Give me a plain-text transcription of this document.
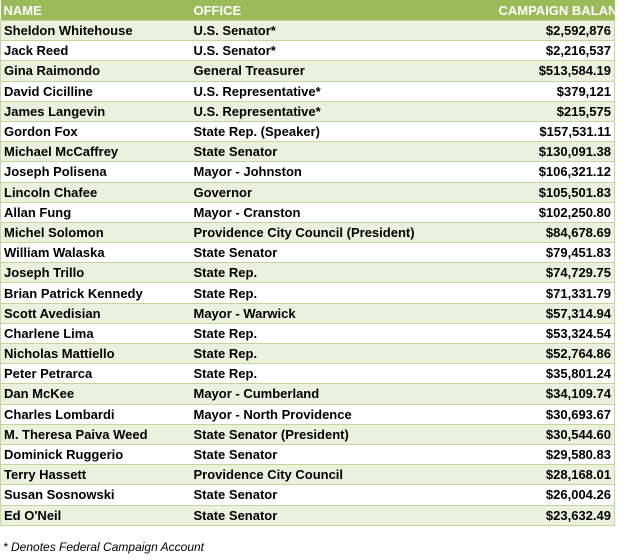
NAME	OFFICE	CAMPAIGN BALANCE
Sheldon Whitehouse	U.S. Senator*	$2,592,876
Jack Reed	U.S. Senator*	$2,216,537
Gina Raimondo	General Treasurer	$513,584.19
David Cicilline	U.S. Representative*	$379,121
James Langevin	U.S. Representative*	$215,575
Gordon Fox	State Rep. (Speaker)	$157,531.11
Michael McCaffrey	State Senator	$130,091.38
Joseph Polisena	Mayor - Johnston	$106,321.12
Lincoln Chafee	Governor	$105,501.83
Allan Fung	Mayor - Cranston	$102,250.80
Michel Solomon	Providence City Council (President)	$84,678.69
William Walaska	State Senator	$79,451.83
Joseph Trillo	State Rep.	$74,729.75
Brian Patrick Kennedy	State Rep.	$71,331.79
Scott Avedisian	Mayor - Warwick	$57,314.94
Charlene Lima	State Rep.	$53,324.54
Nicholas Mattiello	State Rep.	$52,764.86
Peter Petrarca	State Rep.	$35,801.24
Dan McKee	Mayor - Cumberland	$34,109.74
Charles Lombardi	Mayor - North Providence	$30,693.67
M. Theresa Paiva Weed	State Senator (President)	$30,544.60
Dominick Ruggerio	State Senator	$29,580.83
Terry Hassett	Providence City Council	$28,168.01
Susan Sosnowski	State Senator	$26,004.26
Ed O'Neil	State Senator	$23,632.49
* Denotes Federal Campaign Account
